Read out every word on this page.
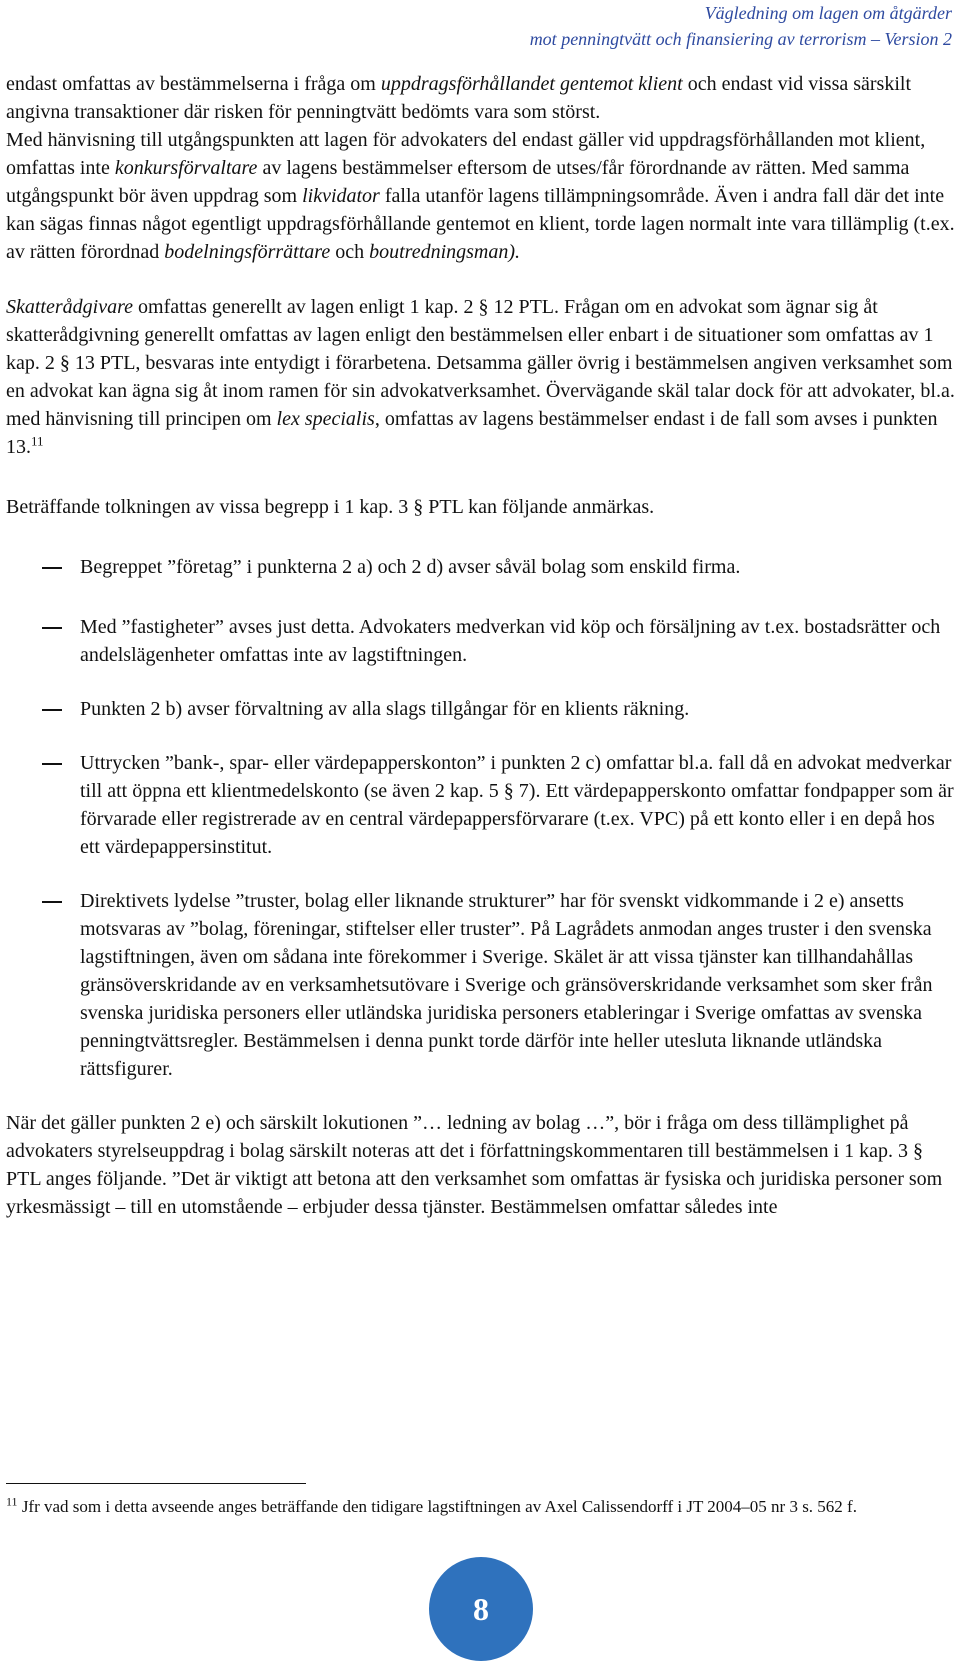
Vägledning om lagen om åtgärder
mot penningtvätt och finansiering av terrorism – Version 2

endast omfattas av bestämmelserna i fråga om uppdragsförhållandet gentemot klient och endast vid vissa särskilt angivna transaktioner där risken för penningtvätt bedömts vara som störst.

Med hänvisning till utgångspunkten att lagen för advokaters del endast gäller vid uppdragsförhållanden mot klient, omfattas inte konkursförvaltare av lagens bestämmelser eftersom de utses/får förordnande av rätten. Med samma utgångspunkt bör även uppdrag som likvidator falla utanför lagens tillämpningsområde. Även i andra fall där det inte kan sägas finnas något egentligt uppdragsförhållande gentemot en klient, torde lagen normalt inte vara tillämplig (t.ex. av rätten förordnad bodelningsförrättare och boutredningsman).

Skatterådgivare omfattas generellt av lagen enligt 1 kap. 2 § 12 PTL. Frågan om en advokat som ägnar sig åt skatterådgivning generellt omfattas av lagen enligt den bestämmelsen eller enbart i de situationer som omfattas av 1 kap. 2 § 13 PTL, besvaras inte entydigt i förarbetena. Detsamma gäller övrig i bestämmelsen angiven verksamhet som en advokat kan ägna sig åt inom ramen för sin advokatverksamhet. Övervägande skäl talar dock för att advokater, bl.a. med hänvisning till principen om lex specialis, omfattas av lagens bestämmelser endast i de fall som avses i punkten 13.11

Beträffande tolkningen av vissa begrepp i 1 kap. 3 § PTL kan följande anmärkas.

Begreppet ”företag” i punkterna 2 a) och 2 d) avser såväl bolag som enskild firma.
Med ”fastigheter” avses just detta. Advokaters medverkan vid köp och försäljning av t.ex. bostadsrätter och andelslägenheter omfattas inte av lagstiftningen.
Punkten 2 b) avser förvaltning av alla slags tillgångar för en klients räkning.
Uttrycken ”bank-, spar- eller värdepapperskonton” i punkten 2 c) omfattar bl.a. fall då en advokat medverkar till att öppna ett klientmedelskonto (se även 2 kap. 5 § 7). Ett värdepapperskonto omfattar fondpapper som är förvarade eller registrerade av en central värdepappersförvarare (t.ex. VPC) på ett konto eller i en depå hos ett värdepappersinstitut.
Direktivets lydelse ”truster, bolag eller liknande strukturer” har för svenskt vidkommande i 2 e) ansetts motsvaras av ”bolag, föreningar, stiftelser eller truster”. På Lagrådets anmodan anges truster i den svenska lagstiftningen, även om sådana inte förekommer i Sverige. Skälet är att vissa tjänster kan tillhandahållas gränsöverskridande av en verksamhetsutövare i Sverige och gränsöverskridande verksamhet som sker från svenska juridiska personers eller utländska juridiska personers etableringar i Sverige omfattas av svenska penningtvättsregler. Bestämmelsen i denna punkt torde därför inte heller utesluta liknande utländska rättsfigurer.

När det gäller punkten 2 e) och särskilt lokutionen ”… ledning av bolag …”, bör i fråga om dess tillämplighet på advokaters styrelseuppdrag i bolag särskilt noteras att det i författningskommentaren till bestämmelsen i 1 kap. 3 § PTL anges följande. ”Det är viktigt att betona att den verksamhet som omfattas är fysiska och juridiska personer som yrkesmässigt – till en utomstående – erbjuder dessa tjänster. Bestämmelsen omfattar således inte

$^{11}$ Jfr vad som i detta avseende anges beträffande den tidigare lagstiftningen av Axel Calissendorff i JT 2004–05 nr 3 s. 562 f.
8
